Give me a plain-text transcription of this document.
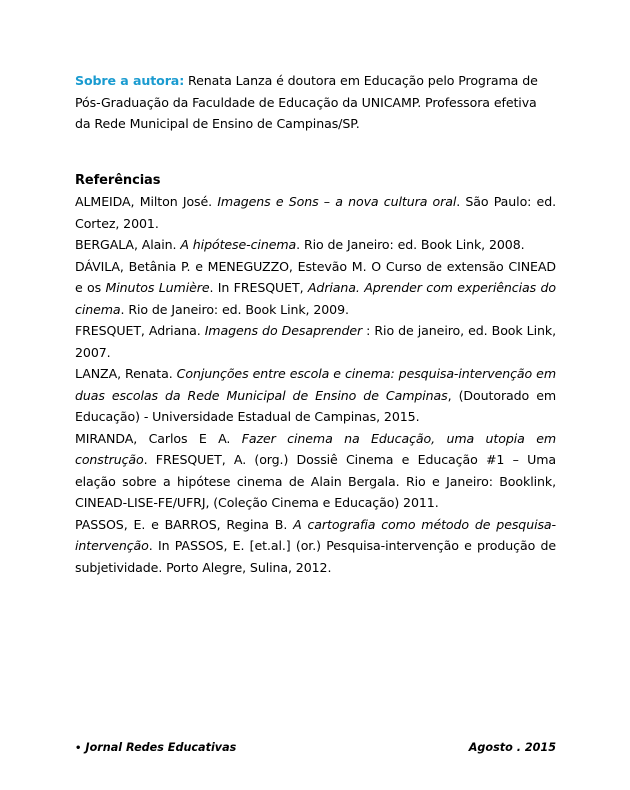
Sobre a autora: Renata Lanza é doutora em Educação pelo Programa de Pós-Graduação da Faculdade de Educação da UNICAMP. Professora efetiva da Rede Municipal de Ensino de Campinas/SP.

Referências

ALMEIDA, Milton José. Imagens e Sons – a nova cultura oral. São Paulo: ed. Cortez, 2001.

BERGALA, Alain. A hipótese-cinema. Rio de Janeiro: ed. Book Link, 2008.

DÁVILA, Betânia P. e MENEGUZZO, Estevão M. O Curso de extensão CINEAD e os Minutos Lumière. In FRESQUET, Adriana. Aprender com experiências do cinema. Rio de Janeiro: ed. Book Link, 2009.

FRESQUET, Adriana. Imagens do Desaprender : Rio de janeiro, ed. Book Link, 2007.

LANZA, Renata. Conjunções entre escola e cinema: pesquisa-intervenção em duas escolas da Rede Municipal de Ensino de Campinas, (Doutorado em Educação) - Universidade Estadual de Campinas, 2015.

MIRANDA, Carlos E A. Fazer cinema na Educação, uma utopia em construção. FRESQUET, A. (org.) Dossiê Cinema e Educação #1 – Uma elação sobre a hipótese cinema de Alain Bergala. Rio e Janeiro: Booklink, CINEAD-LISE-FE/UFRJ, (Coleção Cinema e Educação) 2011.

PASSOS, E. e BARROS, Regina B. A cartografia como método de pesquisa-intervenção. In PASSOS, E. [et.al.] (or.) Pesquisa-intervenção e produção de subjetividade. Porto Alegre, Sulina, 2012.

• Jornal Redes Educativas	Agosto . 2015
